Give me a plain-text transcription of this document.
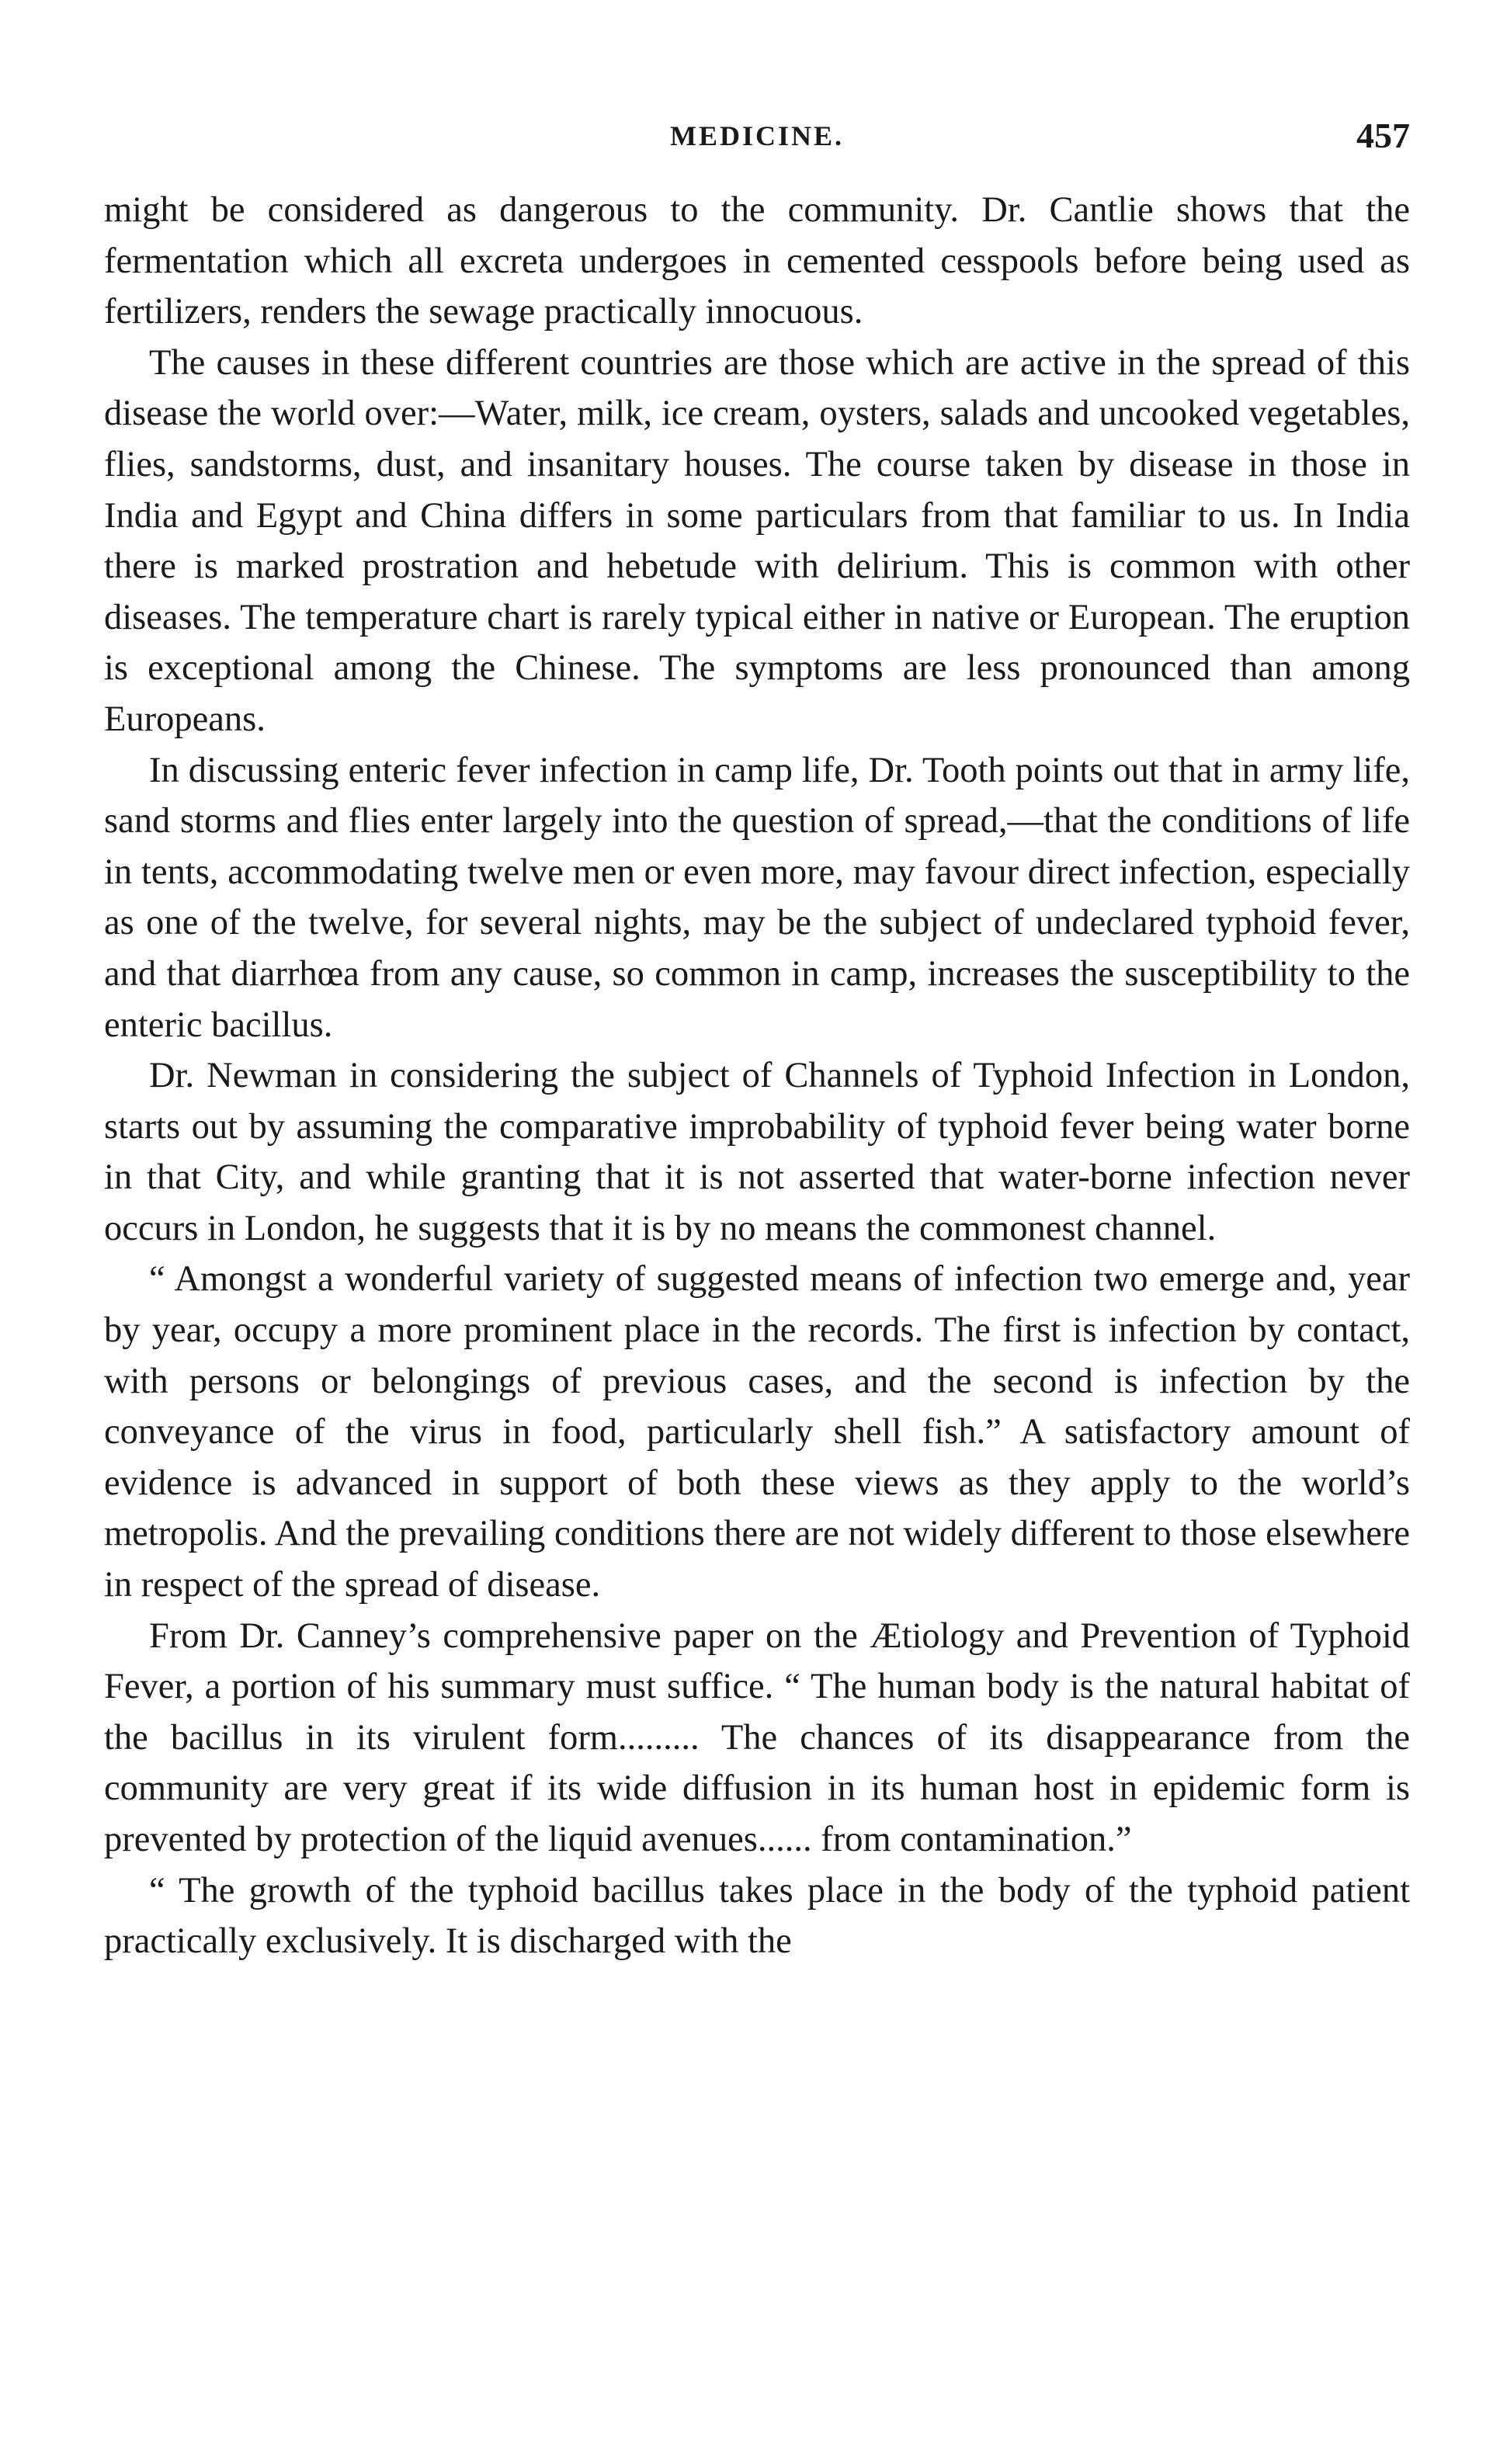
MEDICINE.	457

might be considered as dangerous to the community. Dr. Cantlie shows that the fermentation which all excreta undergoes in cemented cesspools before being used as fertilizers, renders the sewage practically innocuous.

The causes in these different countries are those which are active in the spread of this disease the world over:—Water, milk, ice cream, oysters, salads and uncooked vegetables, flies, sandstorms, dust, and insanitary houses. The course taken by disease in those in India and Egypt and China differs in some particulars from that familiar to us. In India there is marked prostration and hebetude with delirium. This is common with other diseases. The temperature chart is rarely typical either in native or European. The eruption is exceptional among the Chinese. The symptoms are less pronounced than among Europeans.

In discussing enteric fever infection in camp life, Dr. Tooth points out that in army life, sand storms and flies enter largely into the question of spread,—that the conditions of life in tents, accommodating twelve men or even more, may favour direct infection, especially as one of the twelve, for several nights, may be the subject of undeclared typhoid fever, and that diarrhœa from any cause, so common in camp, increases the susceptibility to the enteric bacillus.

Dr. Newman in considering the subject of Channels of Typhoid Infection in London, starts out by assuming the comparative improbability of typhoid fever being water borne in that City, and while granting that it is not asserted that water-borne infection never occurs in London, he suggests that it is by no means the commonest channel.

“ Amongst a wonderful variety of suggested means of infection two emerge and, year by year, occupy a more prominent place in the records. The first is infection by contact, with persons or belongings of previous cases, and the second is infection by the conveyance of the virus in food, particularly shell fish.” A satisfactory amount of evidence is advanced in support of both these views as they apply to the world’s metropolis. And the prevailing conditions there are not widely different to those elsewhere in respect of the spread of disease.

From Dr. Canney’s comprehensive paper on the Ætiology and Prevention of Typhoid Fever, a portion of his summary must suffice. “ The human body is the natural habitat of the bacillus in its virulent form......... The chances of its disappearance from the community are very great if its wide diffusion in its human host in epidemic form is prevented by protection of the liquid avenues...... from contamination.”

“ The growth of the typhoid bacillus takes place in the body of the typhoid patient practically exclusively. It is discharged with the
